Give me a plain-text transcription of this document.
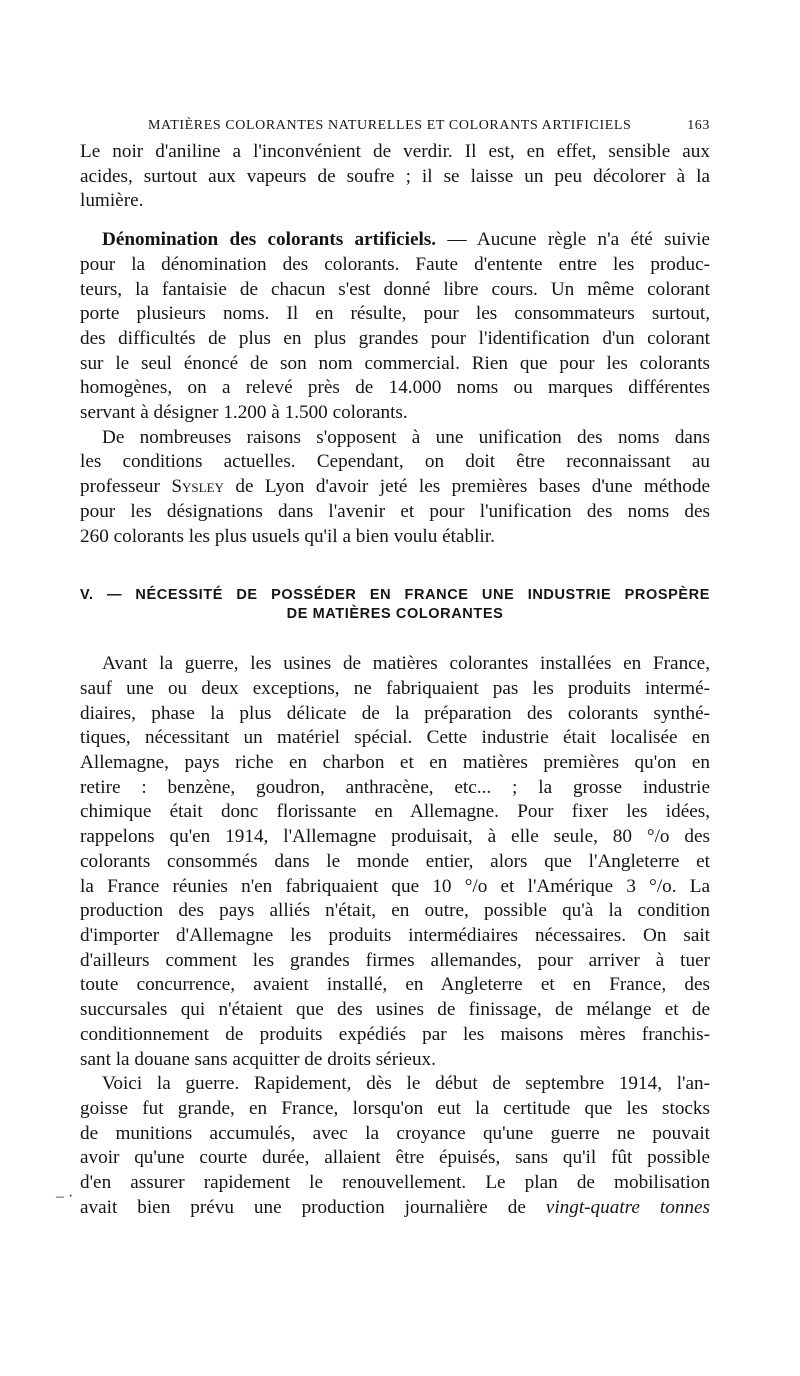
MATIÈRES COLORANTES NATURELLES ET COLORANTS ARTIFICIELS	163
Le noir d'aniline a l'inconvénient de verdir. Il est, en effet, sensible aux
acides, surtout aux vapeurs de soufre ; il se laisse un peu décolorer à la
lumière.
Dénomination des colorants artificiels. — Aucune règle n'a été suivie
pour la dénomination des colorants. Faute d'entente entre les produc-
teurs, la fantaisie de chacun s'est donné libre cours. Un même colorant
porte plusieurs noms. Il en résulte, pour les consommateurs surtout,
des difficultés de plus en plus grandes pour l'identification d'un colorant
sur le seul énoncé de son nom commercial. Rien que pour les colorants
homogènes, on a relevé près de 14.000 noms ou marques différentes
servant à désigner 1.200 à 1.500 colorants.
De nombreuses raisons s'opposent à une unification des noms dans
les conditions actuelles. Cependant, on doit être reconnaissant au
professeur Sysley de Lyon d'avoir jeté les premières bases d'une méthode
pour les désignations dans l'avenir et pour l'unification des noms des
260 colorants les plus usuels qu'il a bien voulu établir.
V. — NÉCESSITÉ DE POSSÉDER EN FRANCE UNE INDUSTRIE PROSPÈRE
DE MATIÈRES COLORANTES
Avant la guerre, les usines de matières colorantes installées en France,
sauf une ou deux exceptions, ne fabriquaient pas les produits intermé-
diaires, phase la plus délicate de la préparation des colorants synthé-
tiques, nécessitant un matériel spécial. Cette industrie était localisée en
Allemagne, pays riche en charbon et en matières premières qu'on en
retire : benzène, goudron, anthracène, etc... ; la grosse industrie
chimique était donc florissante en Allemagne. Pour fixer les idées,
rappelons qu'en 1914, l'Allemagne produisait, à elle seule, 80 °/o des
colorants consommés dans le monde entier, alors que l'Angleterre et
la France réunies n'en fabriquaient que 10 °/o et l'Amérique 3 °/o. La
production des pays alliés n'était, en outre, possible qu'à la condition
d'importer d'Allemagne les produits intermédiaires nécessaires. On sait
d'ailleurs comment les grandes firmes allemandes, pour arriver à tuer
toute concurrence, avaient installé, en Angleterre et en France, des
succursales qui n'étaient que des usines de finissage, de mélange et de
conditionnement de produits expédiés par les maisons mères franchis-
sant la douane sans acquitter de droits sérieux.
Voici la guerre. Rapidement, dès le début de septembre 1914, l'an-
goisse fut grande, en France, lorsqu'on eut la certitude que les stocks
de munitions accumulés, avec la croyance qu'une guerre ne pouvait
avoir qu'une courte durée, allaient être épuisés, sans qu'il fût possible
d'en assurer rapidement le renouvellement. Le plan de mobilisation
avait bien prévu une production journalière de vingt-quatre tonnes
– ·
